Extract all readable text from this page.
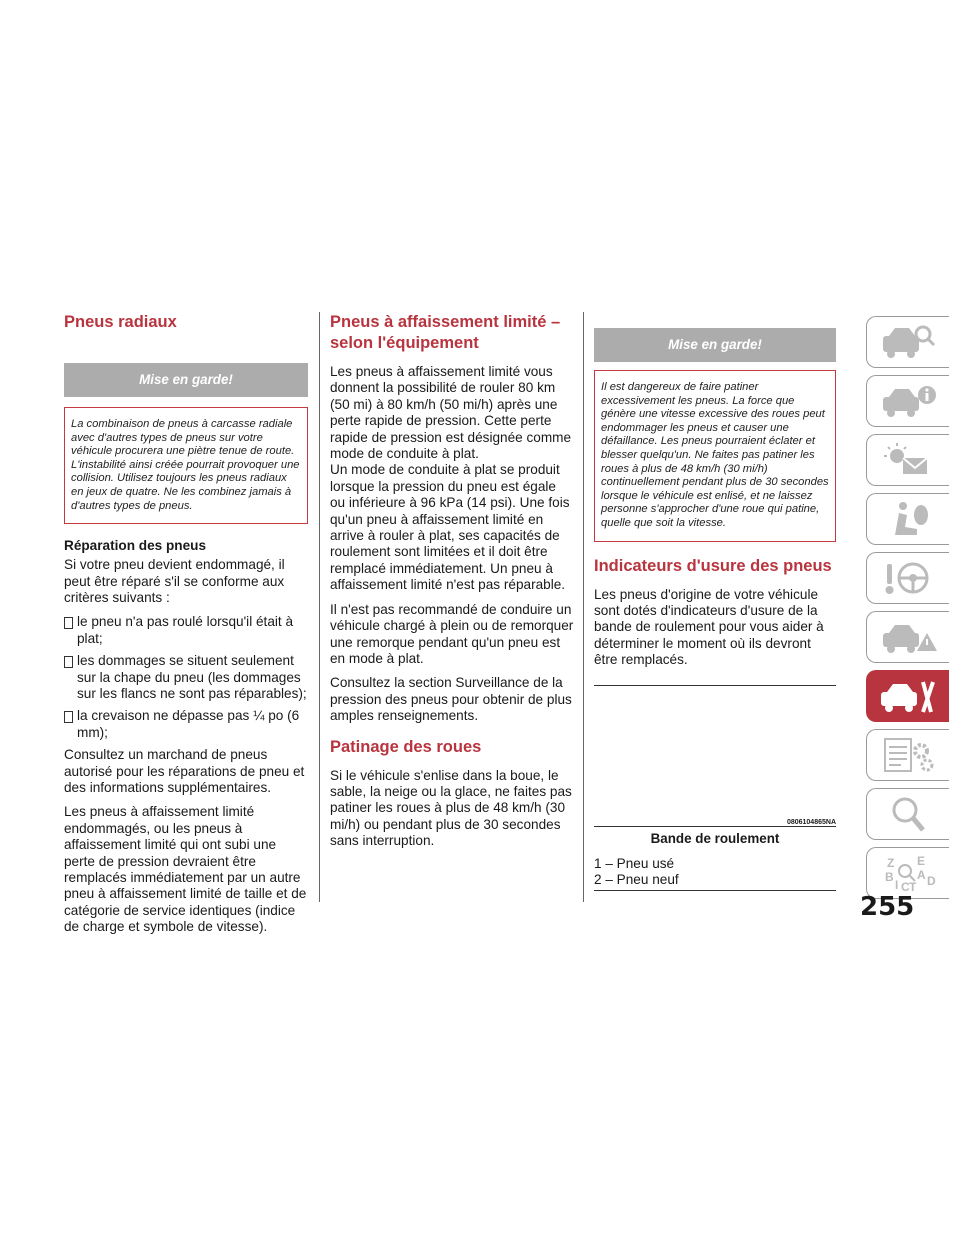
Pneus radiaux
Mise en garde!
La combinaison de pneus à carcasse radiale avec d'autres types de pneus sur votre véhicule procurera une piètre tenue de route. L'instabilité ainsi créée pourrait provoquer une collision. Utilisez toujours les pneus radiaux en jeux de quatre. Ne les combinez jamais à d'autres types de pneus.
Réparation des pneus

Si votre pneu devient endommagé, il peut être réparé s'il se conforme aux critères suivants :

le pneu n'a pas roulé lorsqu'il était à plat;
les dommages se situent seulement sur la chape du pneu (les dommages sur les flancs ne sont pas réparables);
la crevaison ne dépasse pas ¼ po (6 mm);

Consultez un marchand de pneus autorisé pour les réparations de pneu et des informations supplémentaires.

Les pneus à affaissement limité endommagés, ou les pneus à affaissement limité qui ont subi une perte de pression devraient être remplacés immédiatement par un autre pneu à affaissement limité de taille et de catégorie de service identiques (indice de charge et symbole de vitesse).

Pneus à affaissement limité – selon l'équipement

Les pneus à affaissement limité vous donnent la possibilité de rouler 80 km (50 mi) à 80 km/h (50 mi/h) après une perte rapide de pression. Cette perte rapide de pression est désignée comme mode de conduite à plat.

Un mode de conduite à plat se produit lorsque la pression du pneu est égale ou inférieure à 96 kPa (14 psi). Une fois qu'un pneu à affaissement limité en arrive à rouler à plat, ses capacités de roulement sont limitées et il doit être remplacé immédiatement. Un pneu à affaissement limité n'est pas réparable.

Il n'est pas recommandé de conduire un véhicule chargé à plein ou de remorquer une remorque pendant qu'un pneu est en mode à plat.

Consultez la section Surveillance de la pression des pneus pour obtenir de plus amples renseignements.

Patinage des roues

Si le véhicule s'enlise dans la boue, le sable, la neige ou la glace, ne faites pas patiner les roues à plus de 48 km/h (30 mi/h) ou pendant plus de 30 secondes sans interruption.

Mise en garde!
Il est dangereux de faire patiner excessivement les pneus. La force que génère une vitesse excessive des roues peut endommager les pneus et causer une défaillance. Les pneus pourraient éclater et blesser quelqu'un. Ne faites pas patiner les roues à plus de 48 km/h (30 mi/h) continuellement pendant plus de 30 secondes lorsque le véhicule est enlisé, et ne laissez personne s'approcher d'une roue qui patine, quelle que soit la vitesse.
Indicateurs d'usure des pneus

Les pneus d'origine de votre véhicule sont dotés d'indicateurs d'usure de la bande de roulement pour vous aider à déterminer le moment où ils devront être remplacés.

0806104865NA
Bande de roulement

1 – Pneu usé

2 – Pneu neuf

Z E
B A D
I C T
255
